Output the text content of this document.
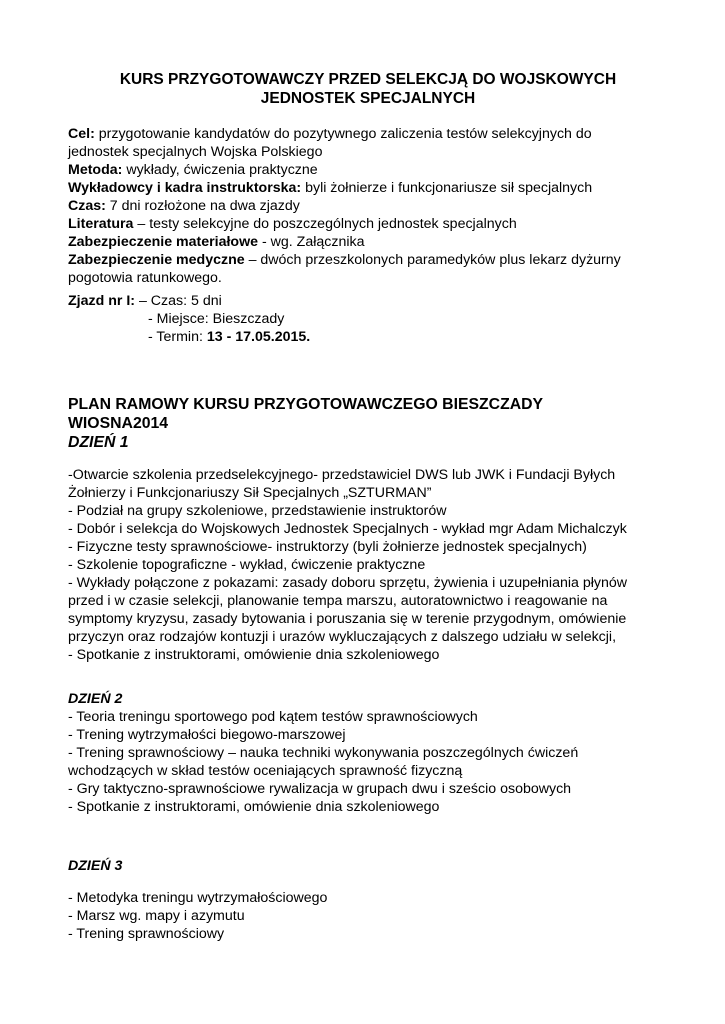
KURS PRZYGOTOWAWCZY PRZED SELEKCJĄ DO WOJSKOWYCH
JEDNOSTEK SPECJALNYCH
Cel: przygotowanie kandydatów do pozytywnego zaliczenia testów selekcyjnych do
jednostek specjalnych Wojska Polskiego
Metoda: wykłady, ćwiczenia praktyczne
Wykładowcy i kadra instruktorska: byli żołnierze i funkcjonariusze sił specjalnych
Czas: 7 dni rozłożone na dwa zjazdy
Literatura – testy selekcyjne do poszczególnych jednostek specjalnych
Zabezpieczenie materiałowe - wg. Załącznika
Zabezpieczenie medyczne – dwóch przeszkolonych paramedyków plus lekarz dyżurny
pogotowia ratunkowego.
Zjazd nr I: – Czas: 5 dni
- Miejsce: Bieszczady
- Termin: 13 - 17.05.2015.
PLAN RAMOWY KURSU PRZYGOTOWAWCZEGO BIESZCZADY
WIOSNA2014
DZIEŃ 1
-Otwarcie szkolenia przedselekcyjnego- przedstawiciel DWS lub JWK i Fundacji Byłych
Żołnierzy i Funkcjonariuszy Sił Specjalnych „SZTURMAN”
- Podział na grupy szkoleniowe, przedstawienie instruktorów
- Dobór i selekcja do Wojskowych Jednostek Specjalnych - wykład mgr Adam Michalczyk
- Fizyczne testy sprawnościowe- instruktorzy (byli żołnierze jednostek specjalnych)
- Szkolenie topograficzne - wykład, ćwiczenie praktyczne
- Wykłady połączone z pokazami: zasady doboru sprzętu, żywienia i uzupełniania płynów
przed i w czasie selekcji, planowanie tempa marszu, autoratownictwo i reagowanie na
symptomy kryzysu, zasady bytowania i poruszania się w terenie przygodnym, omówienie
przyczyn oraz rodzajów kontuzji i urazów wykluczających z dalszego udziału w selekcji,
- Spotkanie z instruktorami, omówienie dnia szkoleniowego
DZIEŃ 2
- Teoria treningu sportowego pod kątem testów sprawnościowych
- Trening wytrzymałości biegowo-marszowej
- Trening sprawnościowy – nauka techniki wykonywania poszczególnych ćwiczeń
wchodzących w skład testów oceniających sprawność fizyczną
- Gry taktyczno-sprawnościowe rywalizacja w grupach dwu i sześcio osobowych
- Spotkanie z instruktorami, omówienie dnia szkoleniowego
DZIEŃ 3
- Metodyka treningu wytrzymałościowego
- Marsz wg. mapy i azymutu
- Trening sprawnościowy
